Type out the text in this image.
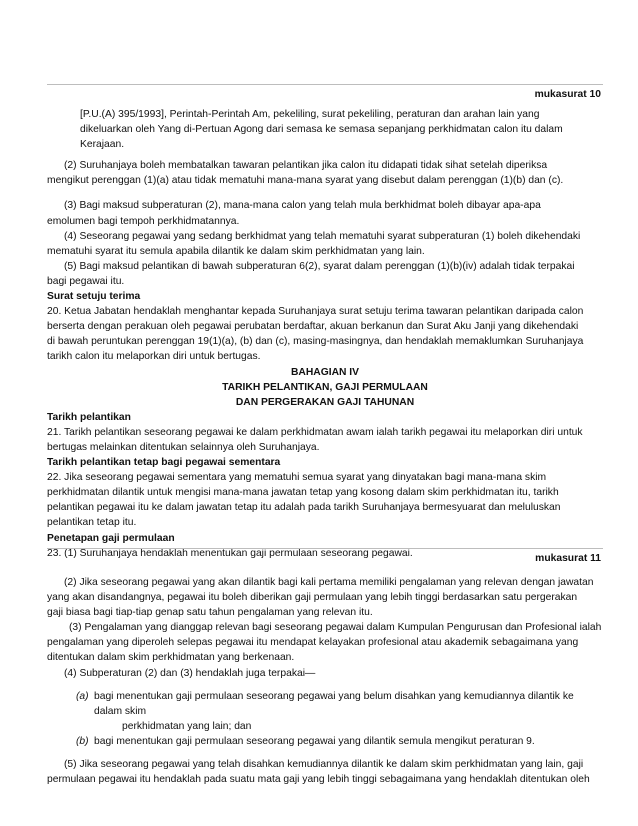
mukasurat 10

[P.U.(A) 395/1993], Perintah-Perintah Am, pekeliling, surat pekeliling, peraturan dan arahan lain yang

dikeluarkan oleh Yang di-Pertuan Agong dari semasa ke semasa sepanjang perkhidmatan calon itu dalam

Kerajaan.

(2) Suruhanjaya boleh membatalkan tawaran pelantikan jika calon itu didapati tidak sihat setelah diperiksa

mengikut perenggan (1)(a) atau tidak mematuhi mana-mana syarat yang disebut dalam perenggan (1)(b) dan (c).

(3) Bagi maksud subperaturan (2), mana-mana calon yang telah mula berkhidmat boleh dibayar apa-apa

emolumen bagi tempoh perkhidmatannya.

(4) Seseorang pegawai yang sedang berkhidmat yang telah mematuhi syarat subperaturan (1) boleh dikehendaki

mematuhi syarat itu semula apabila dilantik ke dalam skim perkhidmatan yang lain.

(5) Bagi maksud pelantikan di bawah subperaturan 6(2), syarat dalam perenggan (1)(b)(iv) adalah tidak terpakai

bagi pegawai itu.

Surat setuju terima

20. Ketua Jabatan hendaklah menghantar kepada Suruhanjaya surat setuju terima tawaran pelantikan daripada calon

berserta dengan perakuan oleh pegawai perubatan berdaftar, akuan berkanun dan Surat Aku Janji yang dikehendaki

di bawah peruntukan perenggan 19(1)(a), (b) dan (c), masing-masingnya, dan hendaklah memaklumkan Suruhanjaya

tarikh calon itu melaporkan diri untuk bertugas.

BAHAGIAN IV

TARIKH PELANTIKAN, GAJI PERMULAAN

DAN PERGERAKAN GAJI TAHUNAN

Tarikh pelantikan

21. Tarikh pelantikan seseorang pegawai ke dalam perkhidmatan awam ialah tarikh pegawai itu melaporkan diri untuk

bertugas melainkan ditentukan selainnya oleh Suruhanjaya.

Tarikh pelantikan tetap bagi pegawai sementara

22. Jika seseorang pegawai sementara yang mematuhi semua syarat yang dinyatakan bagi mana-mana skim

perkhidmatan dilantik untuk mengisi mana-mana jawatan tetap yang kosong dalam skim perkhidmatan itu, tarikh

pelantikan pegawai itu ke dalam jawatan tetap itu adalah pada tarikh Suruhanjaya bermesyuarat dan meluluskan

pelantikan tetap itu.

Penetapan gaji permulaan

23. (1) Suruhanjaya hendaklah menentukan gaji permulaan seseorang pegawai.	mukasurat 11

(2) Jika seseorang pegawai yang akan dilantik bagi kali pertama memiliki pengalaman yang relevan dengan jawatan

yang akan disandangnya, pegawai itu boleh diberikan gaji permulaan yang lebih tinggi berdasarkan satu pergerakan

gaji biasa bagi tiap-tiap genap satu tahun pengalaman yang relevan itu.

(3) Pengalaman yang dianggap relevan bagi seseorang pegawai dalam Kumpulan Pengurusan dan Profesional ialah

pengalaman yang diperoleh selepas pegawai itu mendapat kelayakan profesional atau akademik sebagaimana yang

ditentukan dalam skim perkhidmatan yang berkenaan.

(4) Subperaturan (2) dan (3) hendaklah juga terpakai—

(a) bagi menentukan gaji permulaan seseorang pegawai yang belum disahkan yang kemudiannya dilantik ke

dalam skim

perkhidmatan yang lain; dan

(b) bagi menentukan gaji permulaan seseorang pegawai yang dilantik semula mengikut peraturan 9.

(5) Jika seseorang pegawai yang telah disahkan kemudiannya dilantik ke dalam skim perkhidmatan yang lain, gaji

permulaan pegawai itu hendaklah pada suatu mata gaji yang lebih tinggi sebagaimana yang hendaklah ditentukan oleh
